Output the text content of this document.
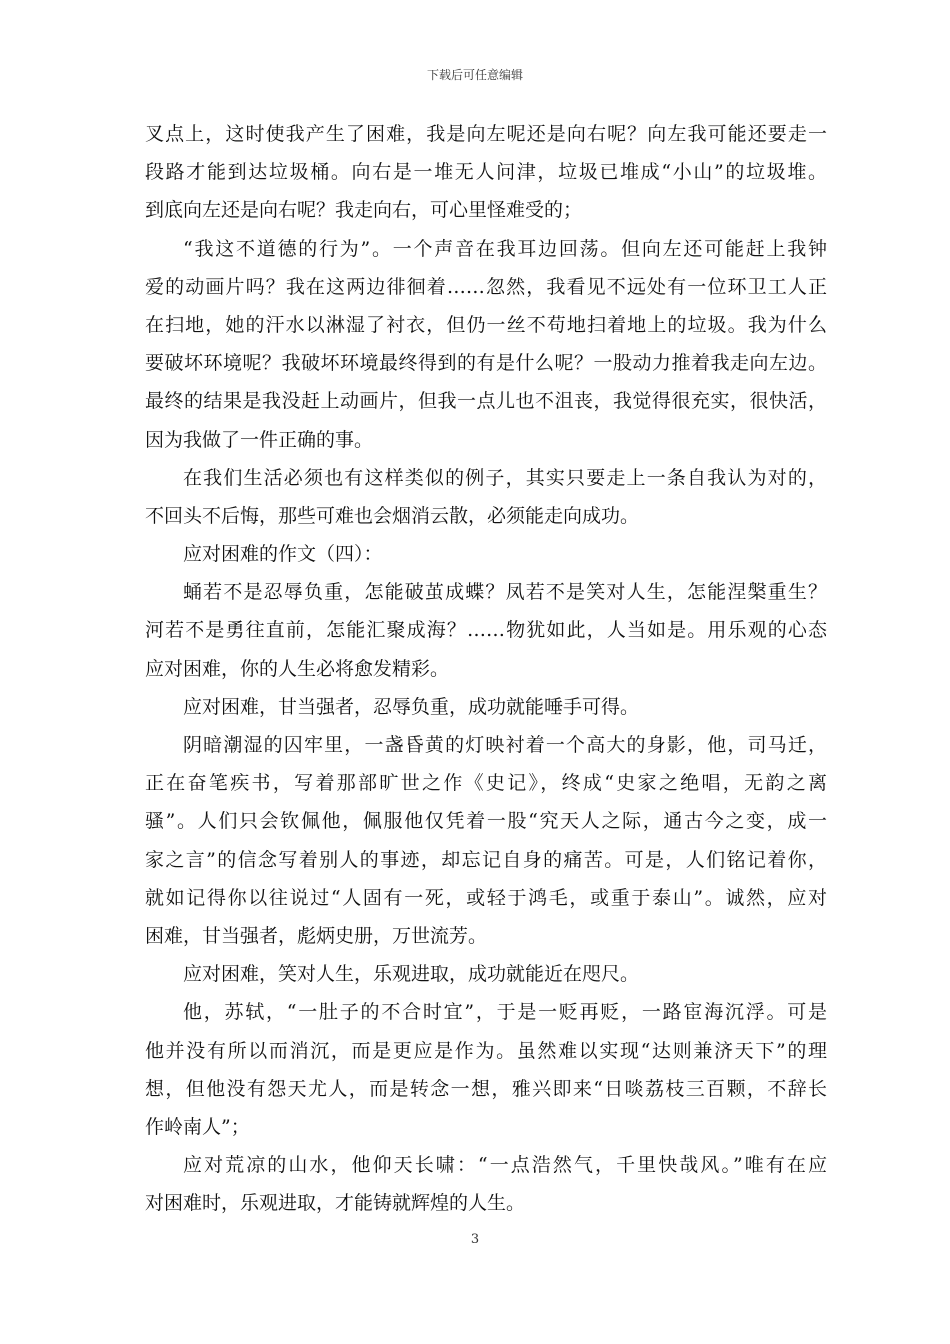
下载后可任意编辑
叉点上，这时使我产生了困难，我是向左呢还是向右呢？向左我可能还要走一
段路才能到达垃圾桶。向右是一堆无人问津，垃圾已堆成“小山”的垃圾堆。
到底向左还是向右呢？我走向右，可心里怪难受的；
“我这不道德的行为”。一个声音在我耳边回荡。但向左还可能赶上我钟
爱的动画片吗？我在这两边徘徊着……忽然，我看见不远处有一位环卫工人正
在扫地，她的汗水以淋湿了衬衣，但仍一丝不苟地扫着地上的垃圾。我为什么
要破坏环境呢？我破坏环境最终得到的有是什么呢？一股动力推着我走向左边。
最终的结果是我没赶上动画片，但我一点儿也不沮丧，我觉得很充实，很快活，
因为我做了一件正确的事。
在我们生活必须也有这样类似的例子，其实只要走上一条自我认为对的，
不回头不后悔，那些可难也会烟消云散，必须能走向成功。
应对困难的作文（四）：
蛹若不是忍辱负重，怎能破茧成蝶？凤若不是笑对人生，怎能涅槃重生？
河若不是勇往直前，怎能汇聚成海？……物犹如此，人当如是。用乐观的心态
应对困难，你的人生必将愈发精彩。
应对困难，甘当强者，忍辱负重，成功就能唾手可得。
阴暗潮湿的囚牢里，一盏昏黄的灯映衬着一个高大的身影，他，司马迁，
正在奋笔疾书，写着那部旷世之作《史记》，终成“史家之绝唱，无韵之离
骚”。人们只会钦佩他，佩服他仅凭着一股“究天人之际，通古今之变，成一
家之言”的信念写着别人的事迹，却忘记自身的痛苦。可是，人们铭记着你，
就如记得你以往说过“人固有一死，或轻于鸿毛，或重于泰山”。诚然，应对
困难，甘当强者，彪炳史册，万世流芳。
应对困难，笑对人生，乐观进取，成功就能近在咫尺。
他，苏轼，“一肚子的不合时宜”，于是一贬再贬，一路宦海沉浮。可是
他并没有所以而消沉，而是更应是作为。虽然难以实现“达则兼济天下”的理
想，但他没有怨天尤人，而是转念一想，雅兴即来“日啖荔枝三百颗，不辞长
作岭南人”；
应对荒凉的山水，他仰天长啸：“一点浩然气，千里快哉风。”唯有在应
对困难时，乐观进取，才能铸就辉煌的人生。
3
